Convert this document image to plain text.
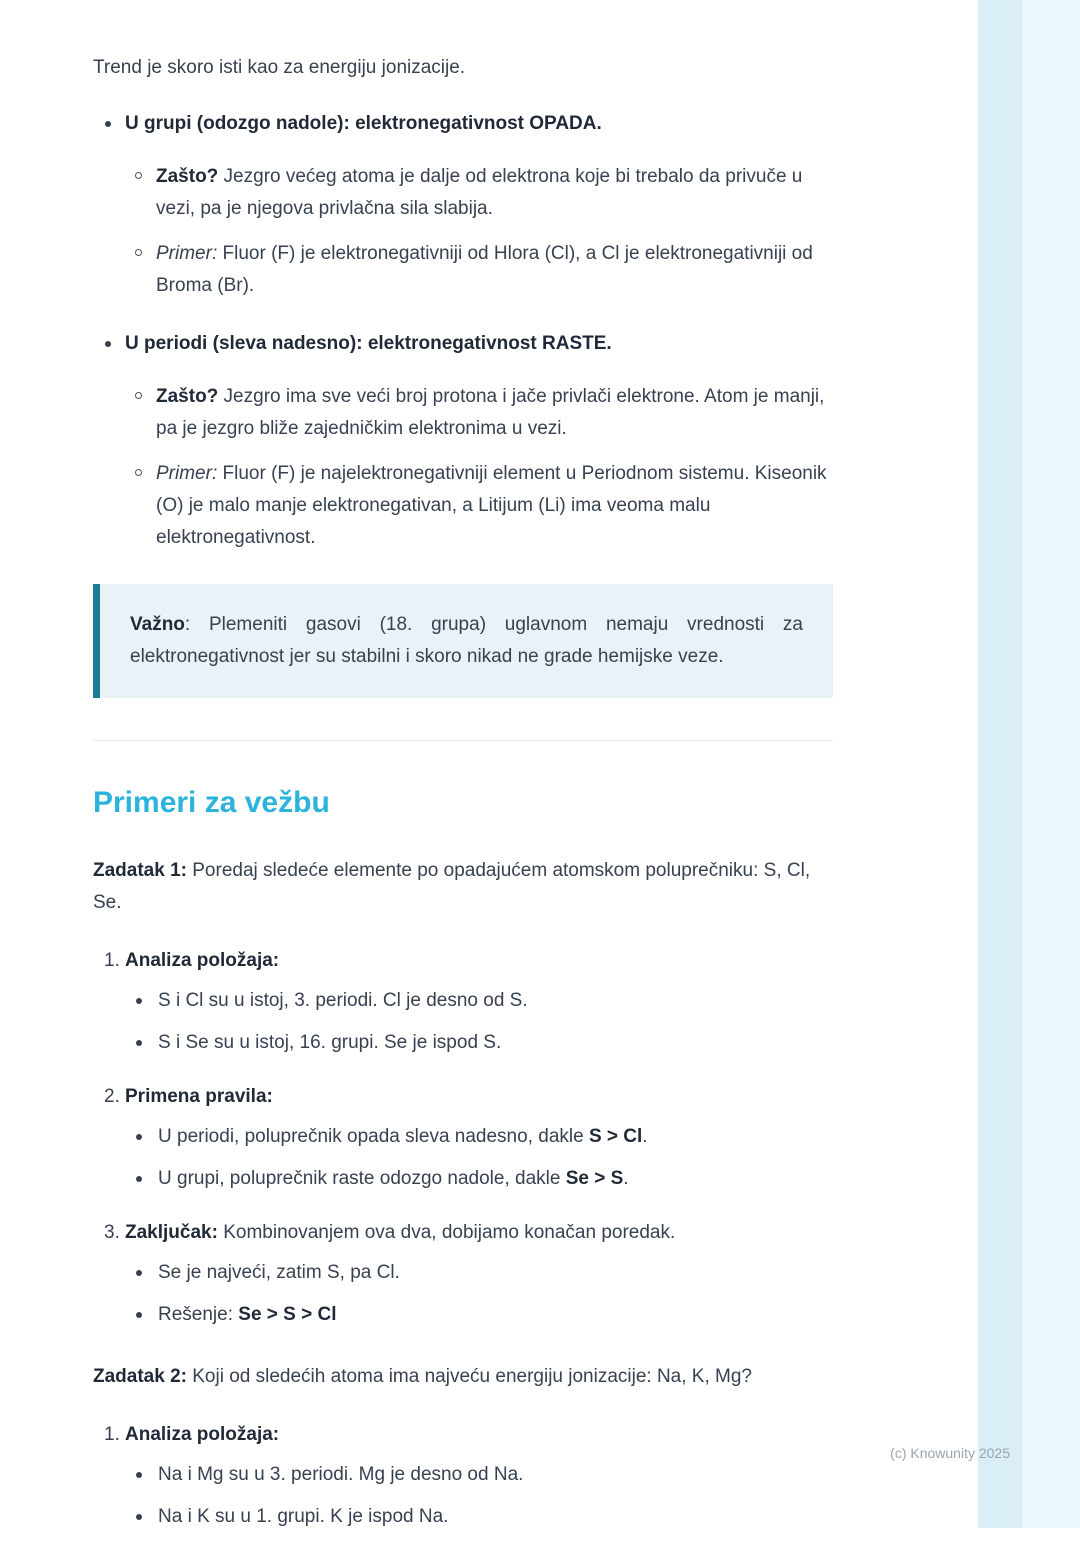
Trend je skoro isti kao za energiju jonizacije.

U grupi (odozgo nadole): elektronegativnost OPADA.
Zašto? Jezgro većeg atoma je dalje od elektrona koje bi trebalo da privuče u vezi, pa je njegova privlačna sila slabija.
Primer: Fluor (F) je elektronegativniji od Hlora (Cl), a Cl je elektronegativniji od Broma (Br).
U periodi (sleva nadesno): elektronegativnost RASTE.
Zašto? Jezgro ima sve veći broj protona i jače privlači elektrone. Atom je manji, pa je jezgro bliže zajedničkim elektronima u vezi.
Primer: Fluor (F) je najelektronegativniji element u Periodnom sistemu. Kiseonik (O) je malo manje elektronegativan, a Litijum (Li) ima veoma malu elektronegativnost.
Važno: Plemeniti gasovi (18. grupa) uglavnom nemaju vrednosti za elektronegativnost jer su stabilni i skoro nikad ne grade hemijske veze.
Primeri za vežbu

Zadatak 1: Poredaj sledeće elemente po opadajućem atomskom poluprečniku: S, Cl, Se.

1. Analiza položaja:
S i Cl su u istoj, 3. periodi. Cl je desno od S.
S i Se su u istoj, 16. grupi. Se je ispod S.
2. Primena pravila:
U periodi, poluprečnik opada sleva nadesno, dakle S > Cl.
U grupi, poluprečnik raste odozgo nadole, dakle Se > S.
3. Zaključak: Kombinovanjem ova dva, dobijamo konačan poredak.
Se je najveći, zatim S, pa Cl.
Rešenje: Se > S > Cl

Zadatak 2: Koji od sledećih atoma ima najveću energiju jonizacije: Na, K, Mg?

1. Analiza položaja:
Na i Mg su u 3. periodi. Mg je desno od Na.
Na i K su u 1. grupi. K je ispod Na.
(c) Knowunity 2025
